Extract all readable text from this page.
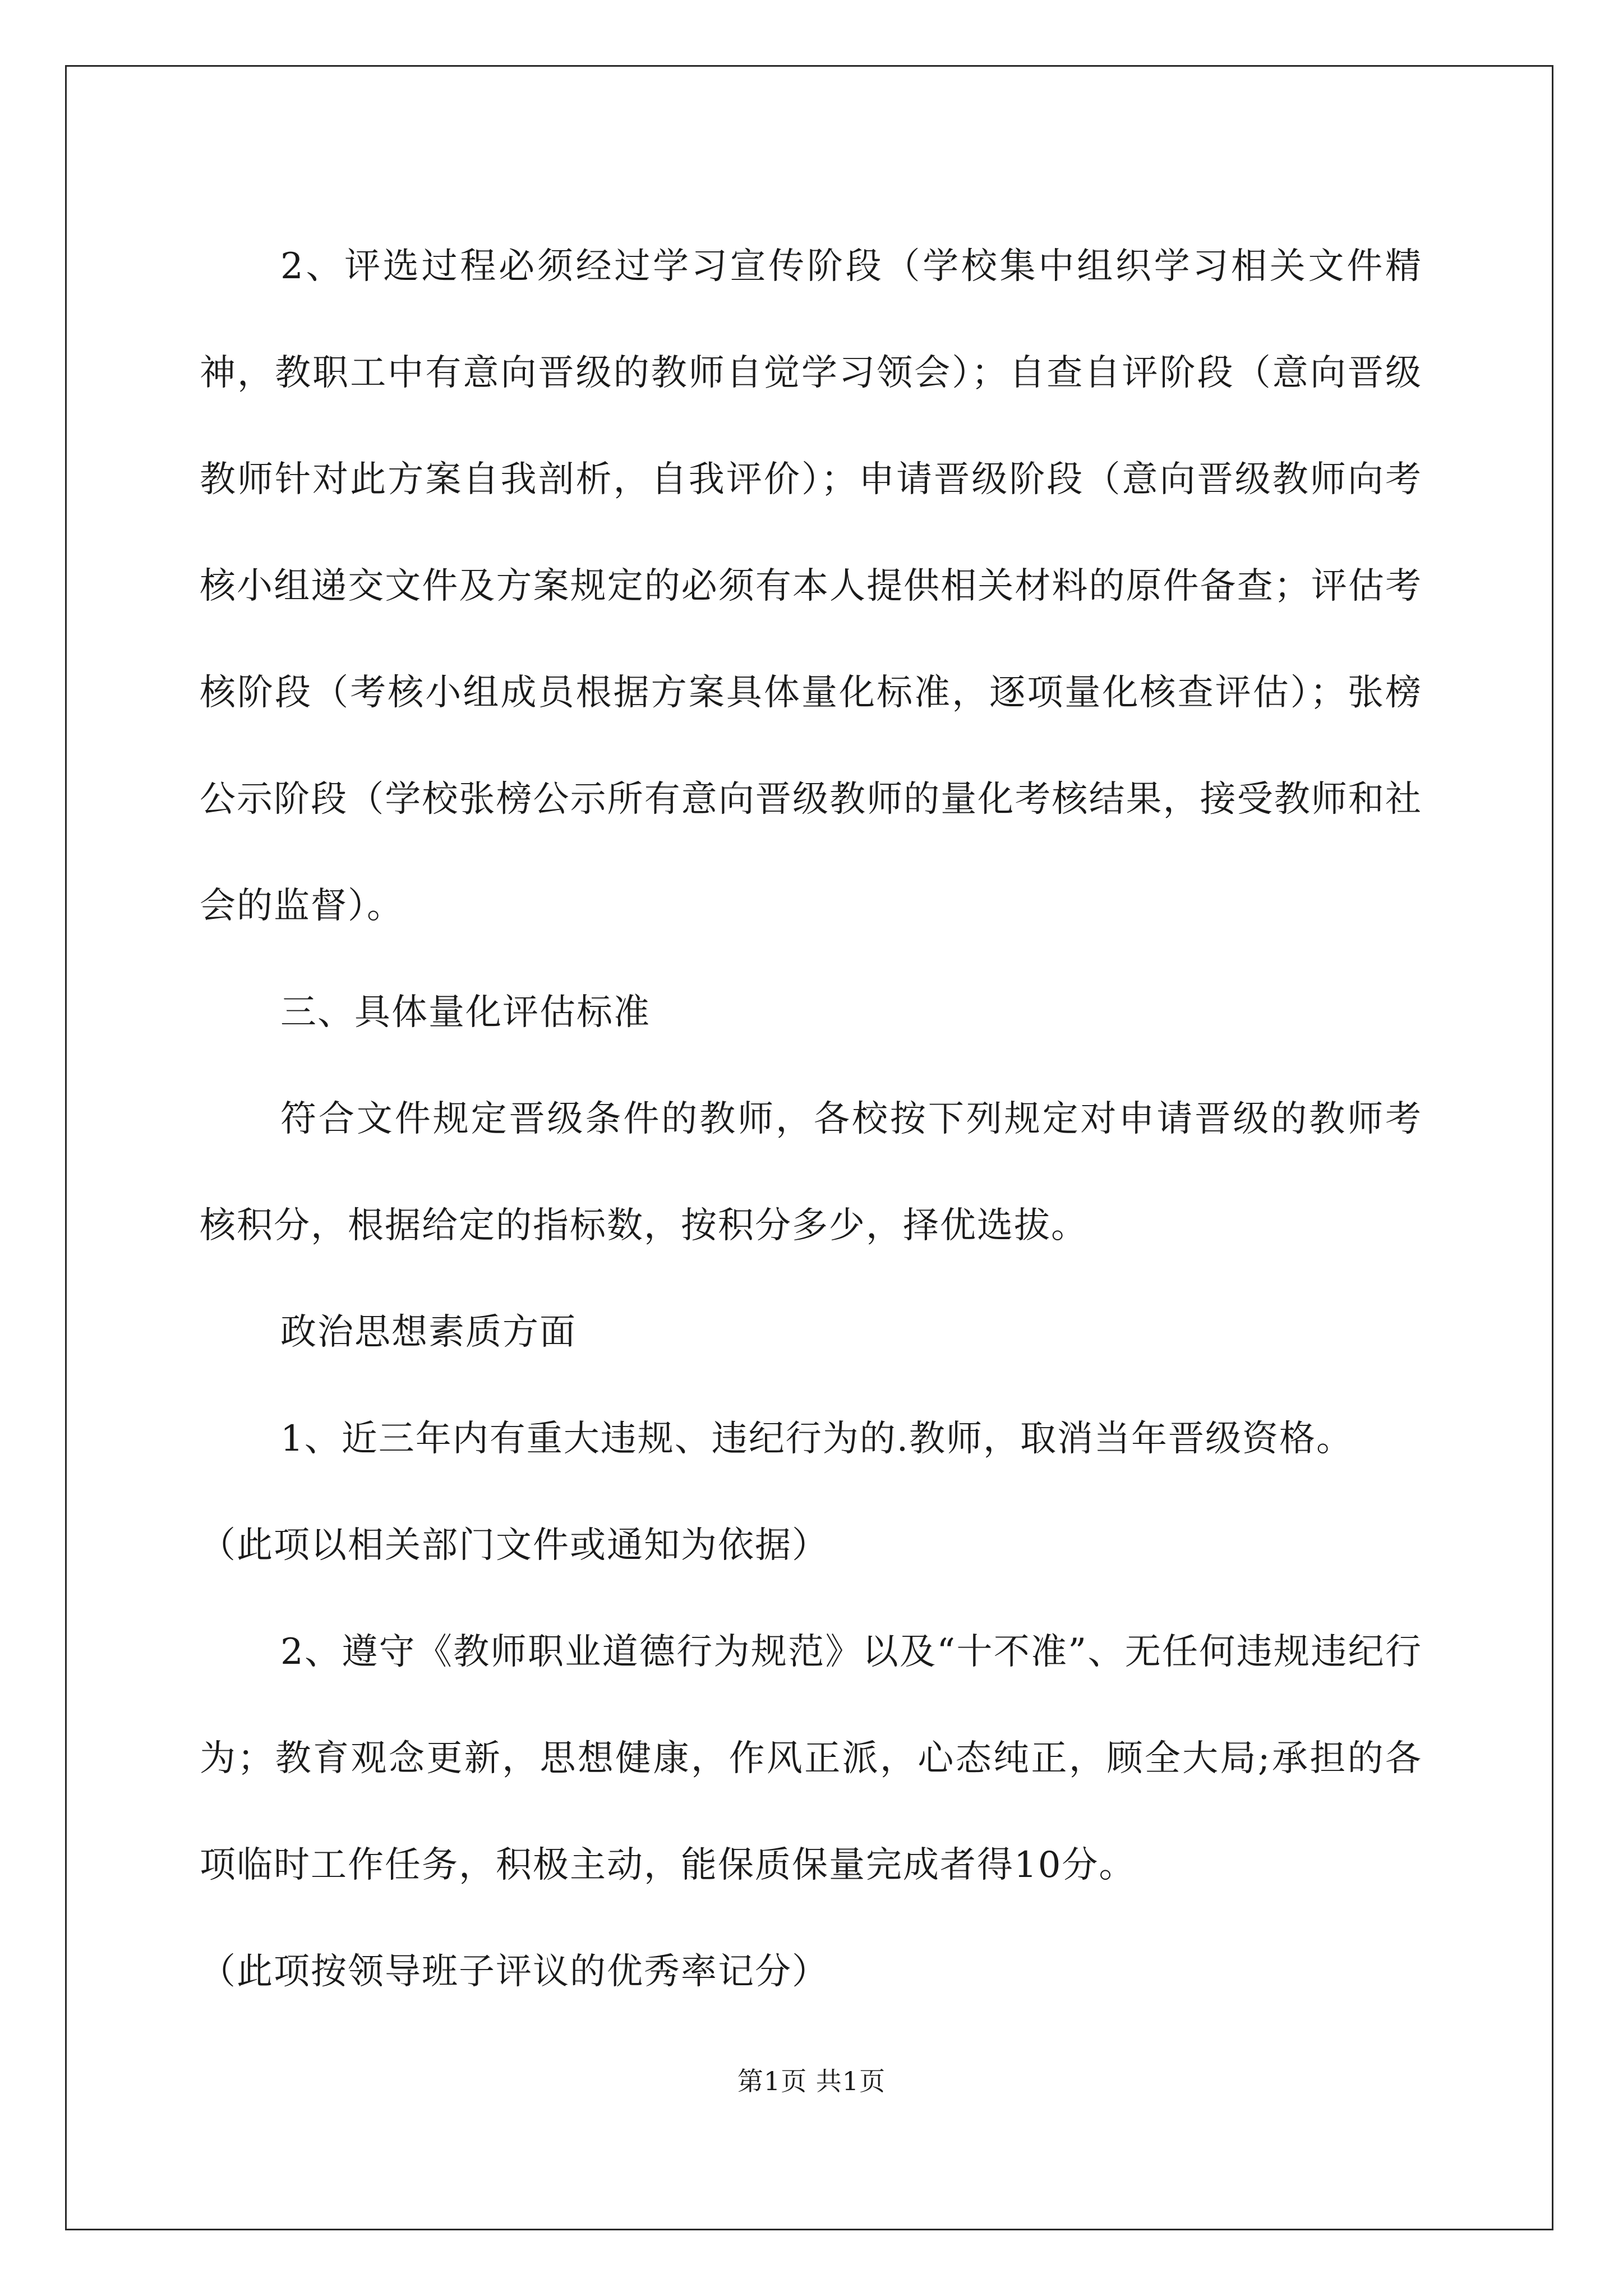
2、评选过程必须经过学习宣传阶段（学校集中组织学习相关文件精神，教职工中有意向晋级的教师自觉学习领会）；自查自评阶段（意向晋级教师针对此方案自我剖析，自我评价）；申请晋级阶段（意向晋级教师向考核小组递交文件及方案规定的必须有本人提供相关材料的原件备查；评估考核阶段（考核小组成员根据方案具体量化标准，逐项量化核查评估）；张榜公示阶段（学校张榜公示所有意向晋级教师的量化考核结果，接受教师和社会的监督）。

三、具体量化评估标准

符合文件规定晋级条件的教师，各校按下列规定对申请晋级的教师考核积分，根据给定的指标数，按积分多少，择优选拔。

政治思想素质方面

1、近三年内有重大违规、违纪行为的.教师，取消当年晋级资格。

（此项以相关部门文件或通知为依据）

2、遵守《教师职业道德行为规范》以及“十不准”、无任何违规违纪行为；教育观念更新，思想健康，作风正派，心态纯正，顾全大局;承担的各项临时工作任务，积极主动，能保质保量完成者得10分。

（此项按领导班子评议的优秀率记分）

第1页 共1页
